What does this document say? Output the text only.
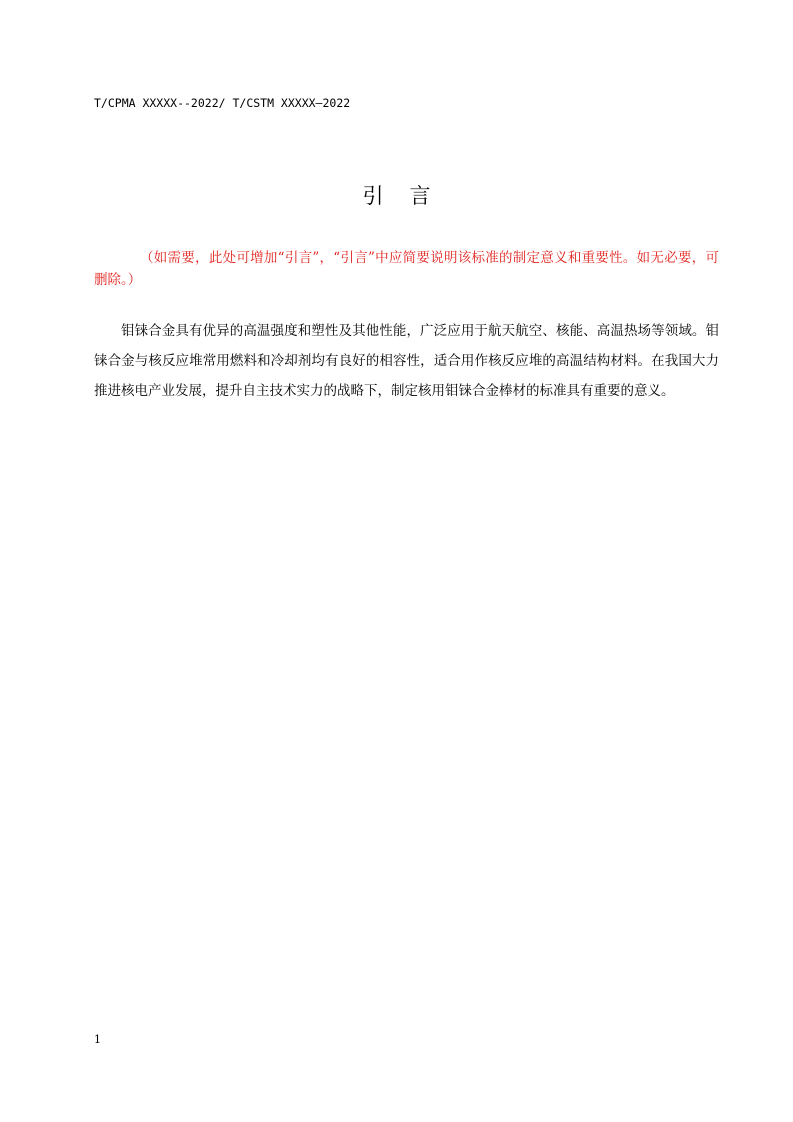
T/CPMA XXXXX--2022/ T/CSTM XXXXX—2022
引言
（如需要，此处可增加“引言”，“引言”中应简要说明该标准的制定意义和重要性。如无必要，可删除。）
钼铼合金具有优异的高温强度和塑性及其他性能，广泛应用于航天航空、核能、高温热场等领域。钼铼合金与核反应堆常用燃料和冷却剂均有良好的相容性，适合用作核反应堆的高温结构材料。在我国大力推进核电产业发展，提升自主技术实力的战略下，制定核用钼铼合金棒材的标准具有重要的意义。
1
